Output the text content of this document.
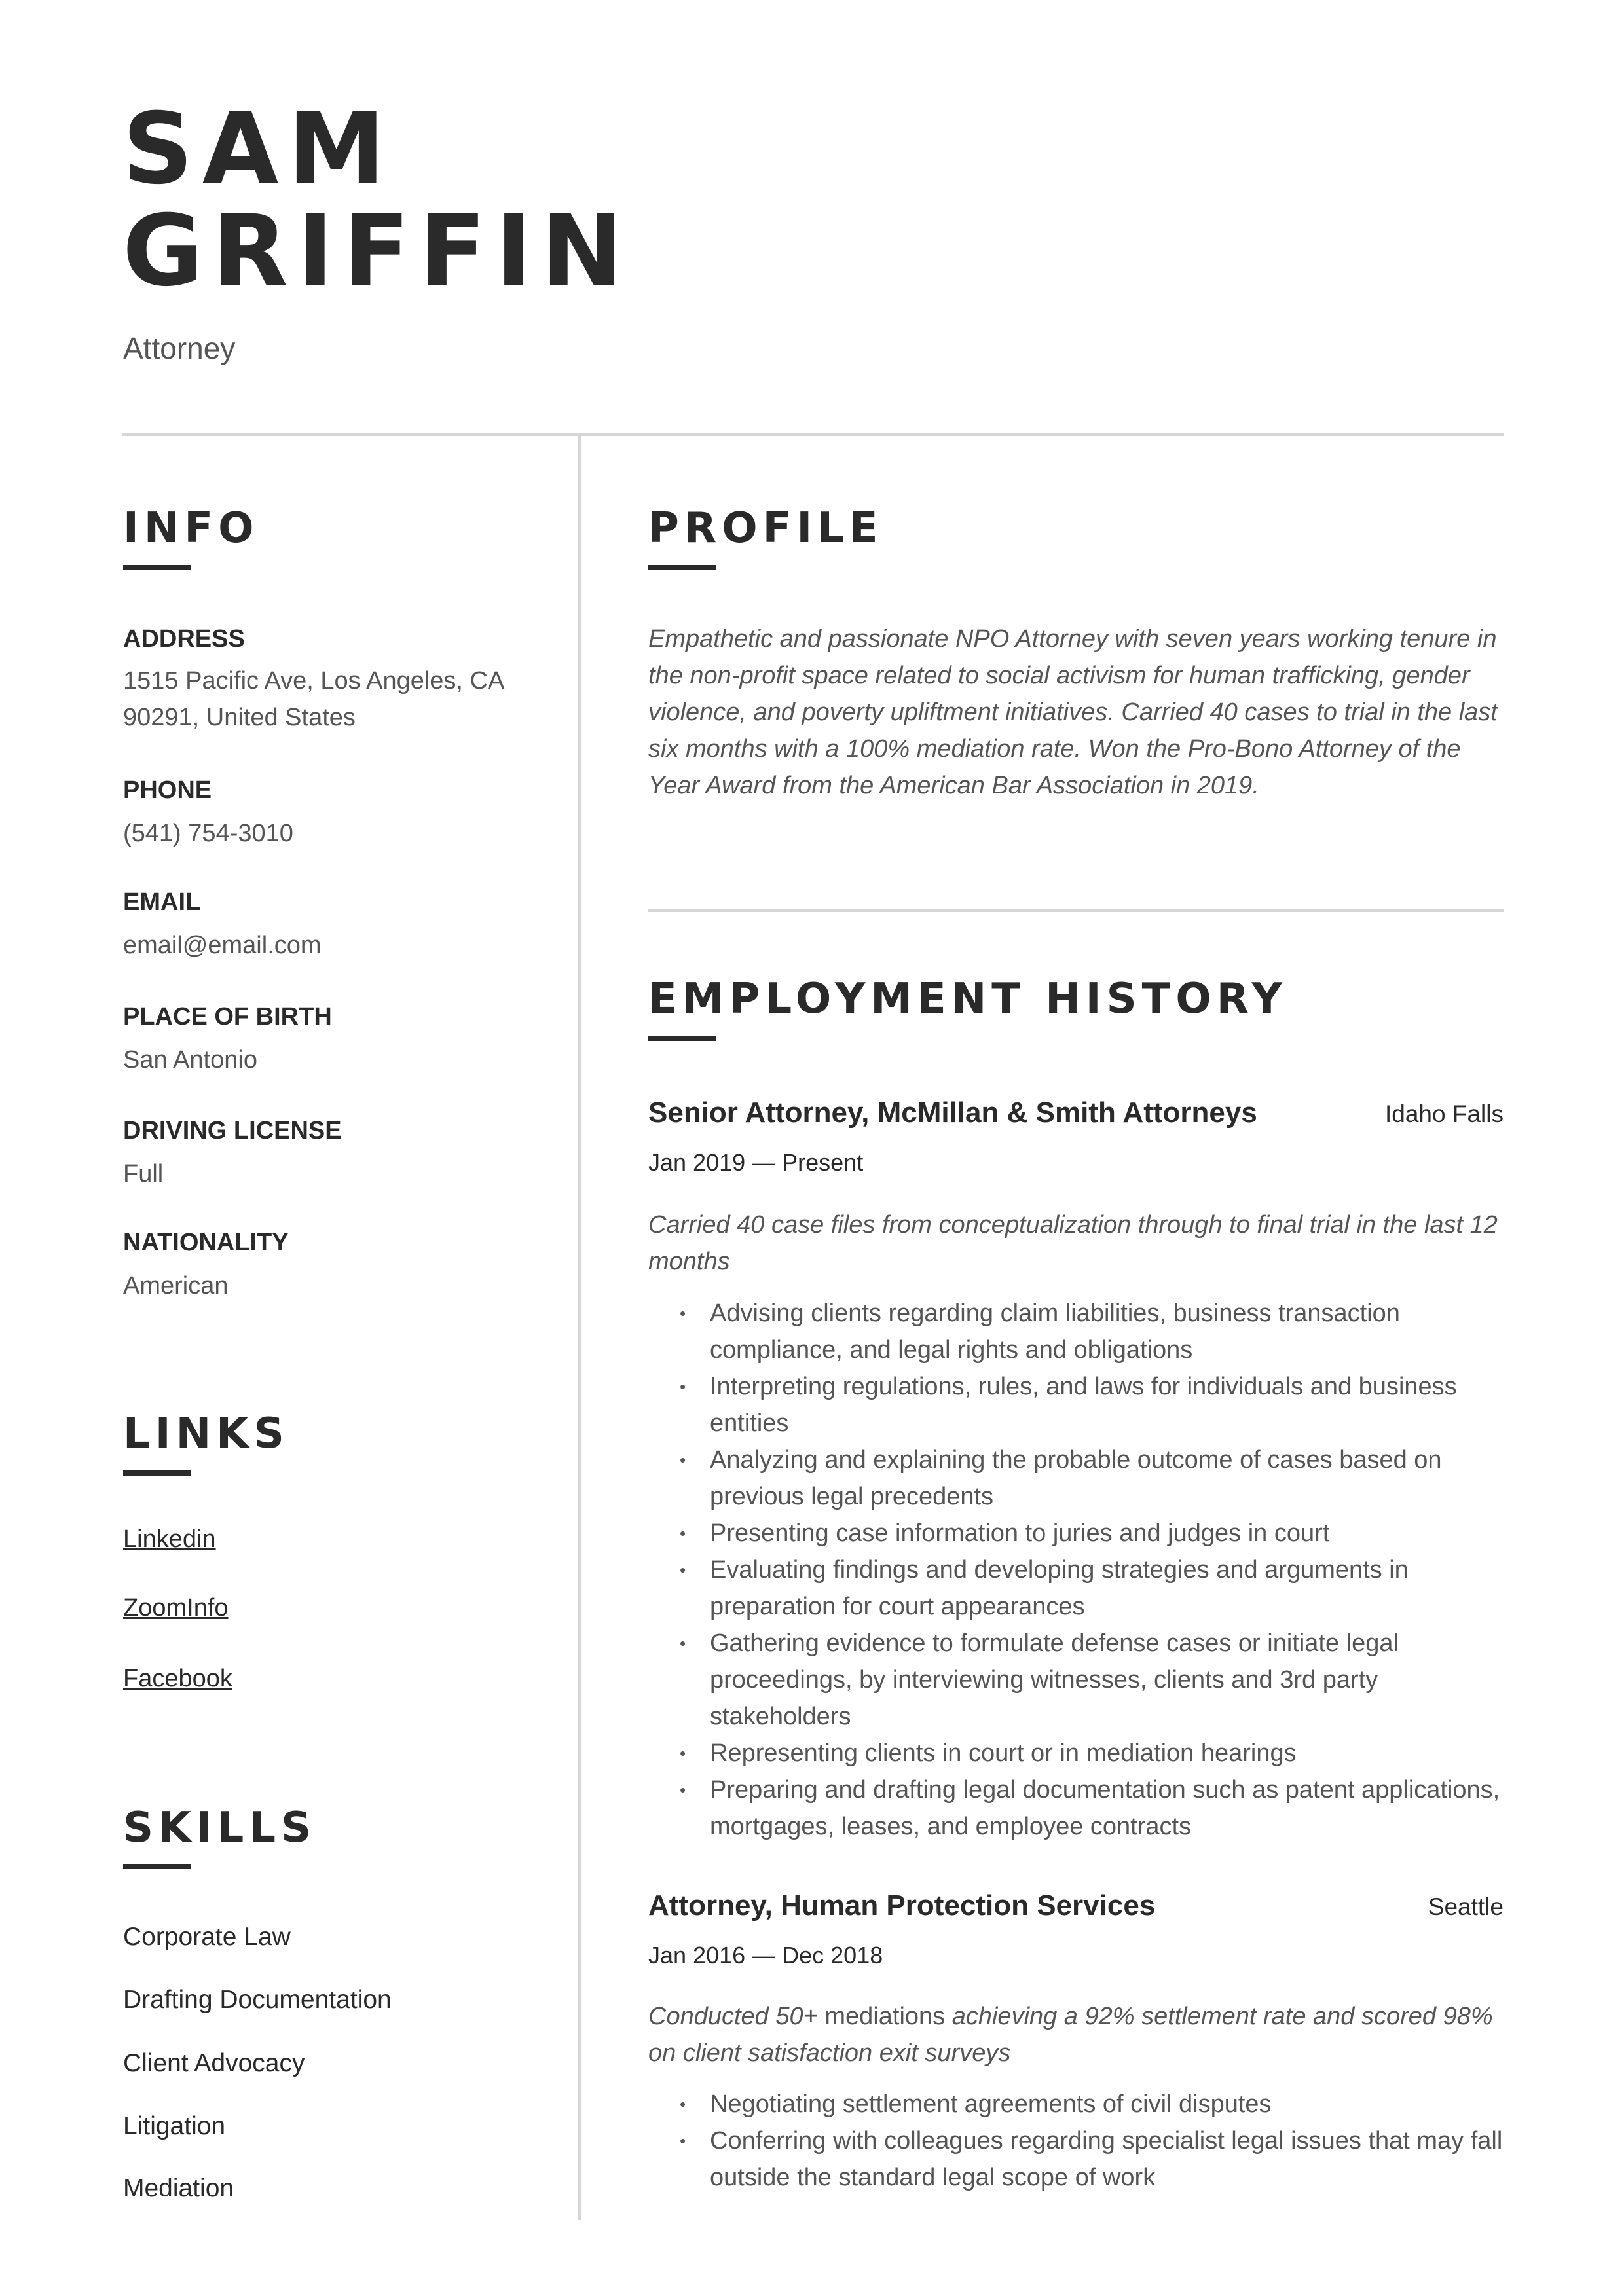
SAM
GRIFFIN
Attorney
INFO
ADDRESS
1515 Pacific Ave, Los Angeles, CA
90291, United States
PHONE
(541) 754-3010
EMAIL
email@email.com
PLACE OF BIRTH
San Antonio
DRIVING LICENSE
Full
NATIONALITY
American
LINKS
Linkedin
ZoomInfo
Facebook
SKILLS
Corporate Law
Drafting Documentation
Client Advocacy
Litigation
Mediation
PROFILE

Empathetic and passionate NPO Attorney with seven years working tenure in the non-profit space related to social activism for human trafficking, gender violence, and poverty upliftment initiatives. Carried 40 cases to trial in the last six months with a 100% mediation rate. Won the Pro-Bono Attorney of the Year Award from the American Bar Association in 2019.

EMPLOYMENT HISTORY
Senior Attorney, McMillan & Smith Attorneys	Idaho Falls
Jan 2019 — Present

Carried 40 case files from conceptualization through to final trial in the last 12 months

• Advising clients regarding claim liabilities, business transaction compliance, and legal rights and obligations
• Interpreting regulations, rules, and laws for individuals and business entities
• Analyzing and explaining the probable outcome of cases based on previous legal precedents
• Presenting case information to juries and judges in court
• Evaluating findings and developing strategies and arguments in preparation for court appearances
• Gathering evidence to formulate defense cases or initiate legal proceedings, by interviewing witnesses, clients and 3rd party stakeholders
• Representing clients in court or in mediation hearings
• Preparing and drafting legal documentation such as patent applications, mortgages, leases, and employee contracts
Attorney, Human Protection Services	Seattle
Jan 2016 — Dec 2018

Conducted 50+ mediations achieving a 92% settlement rate and scored 98% on client satisfaction exit surveys

• Negotiating settlement agreements of civil disputes
• Conferring with colleagues regarding specialist legal issues that may fall outside the standard legal scope of work
